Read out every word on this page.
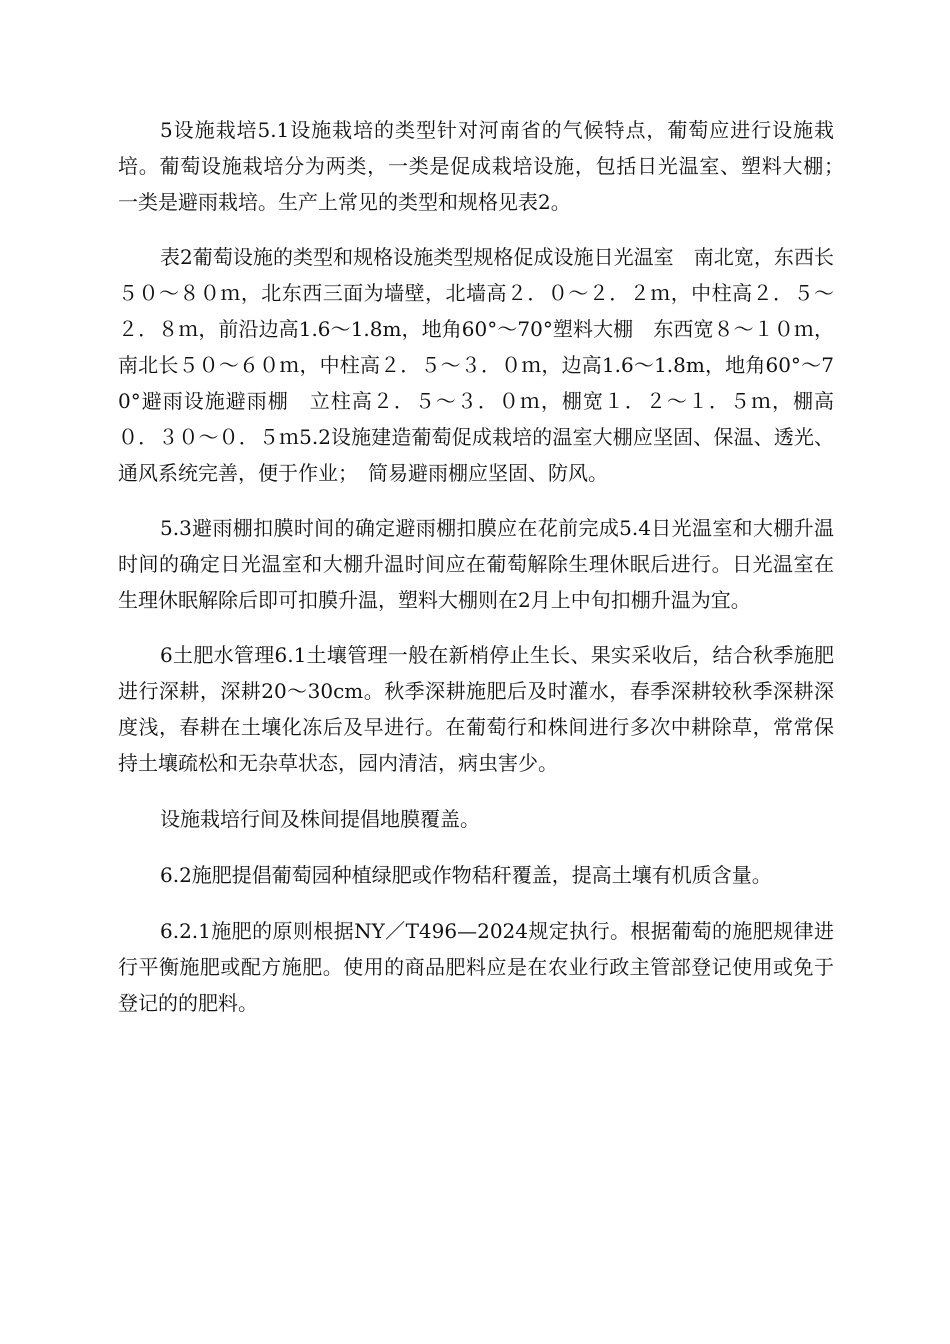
5设施栽培5.1设施栽培的类型针对河南省的气候特点，葡萄应进行设施栽培。葡萄设施栽培分为两类，一类是促成栽培设施，包括日光温室、塑料大棚；　一类是避雨栽培。生产上常见的类型和规格见表2。

表2葡萄设施的类型和规格设施类型规格促成设施日光温室　南北宽，东西长５０～８０ｍ，北东西三面为墙壁，北墙高２．０～２．２ｍ，中柱高２．５～２．８ｍ，前沿边高1.6～1.8m，地角60°～70°塑料大棚　东西宽８～１０ｍ，南北长５０～６０ｍ，中柱高２．５～３．０ｍ，边高1.6～1.8m，地角60°～70°避雨设施避雨棚　立柱高２．５～３．０ｍ，棚宽１．２～１．５ｍ，棚高０．３０～０．５ｍ5.2设施建造葡萄促成栽培的温室大棚应坚固、保温、透光、通风系统完善，便于作业；　简易避雨棚应坚固、防风。

5.3避雨棚扣膜时间的确定避雨棚扣膜应在花前完成5.4日光温室和大棚升温时间的确定日光温室和大棚升温时间应在葡萄解除生理休眠后进行。日光温室在生理休眠解除后即可扣膜升温，塑料大棚则在2月上中旬扣棚升温为宜。

6土肥水管理6.1土壤管理一般在新梢停止生长、果实采收后，结合秋季施肥进行深耕，深耕20～30cm。秋季深耕施肥后及时灌水，春季深耕较秋季深耕深度浅，春耕在土壤化冻后及早进行。在葡萄行和株间进行多次中耕除草，常常保持土壤疏松和无杂草状态，园内清洁，病虫害少。

设施栽培行间及株间提倡地膜覆盖。

6.2施肥提倡葡萄园种植绿肥或作物秸秆覆盖，提高土壤有机质含量。

6.2.1施肥的原则根据NY／T496—2024规定执行。根据葡萄的施肥规律进行平衡施肥或配方施肥。使用的商品肥料应是在农业行政主管部登记使用或免于登记的的肥料。
